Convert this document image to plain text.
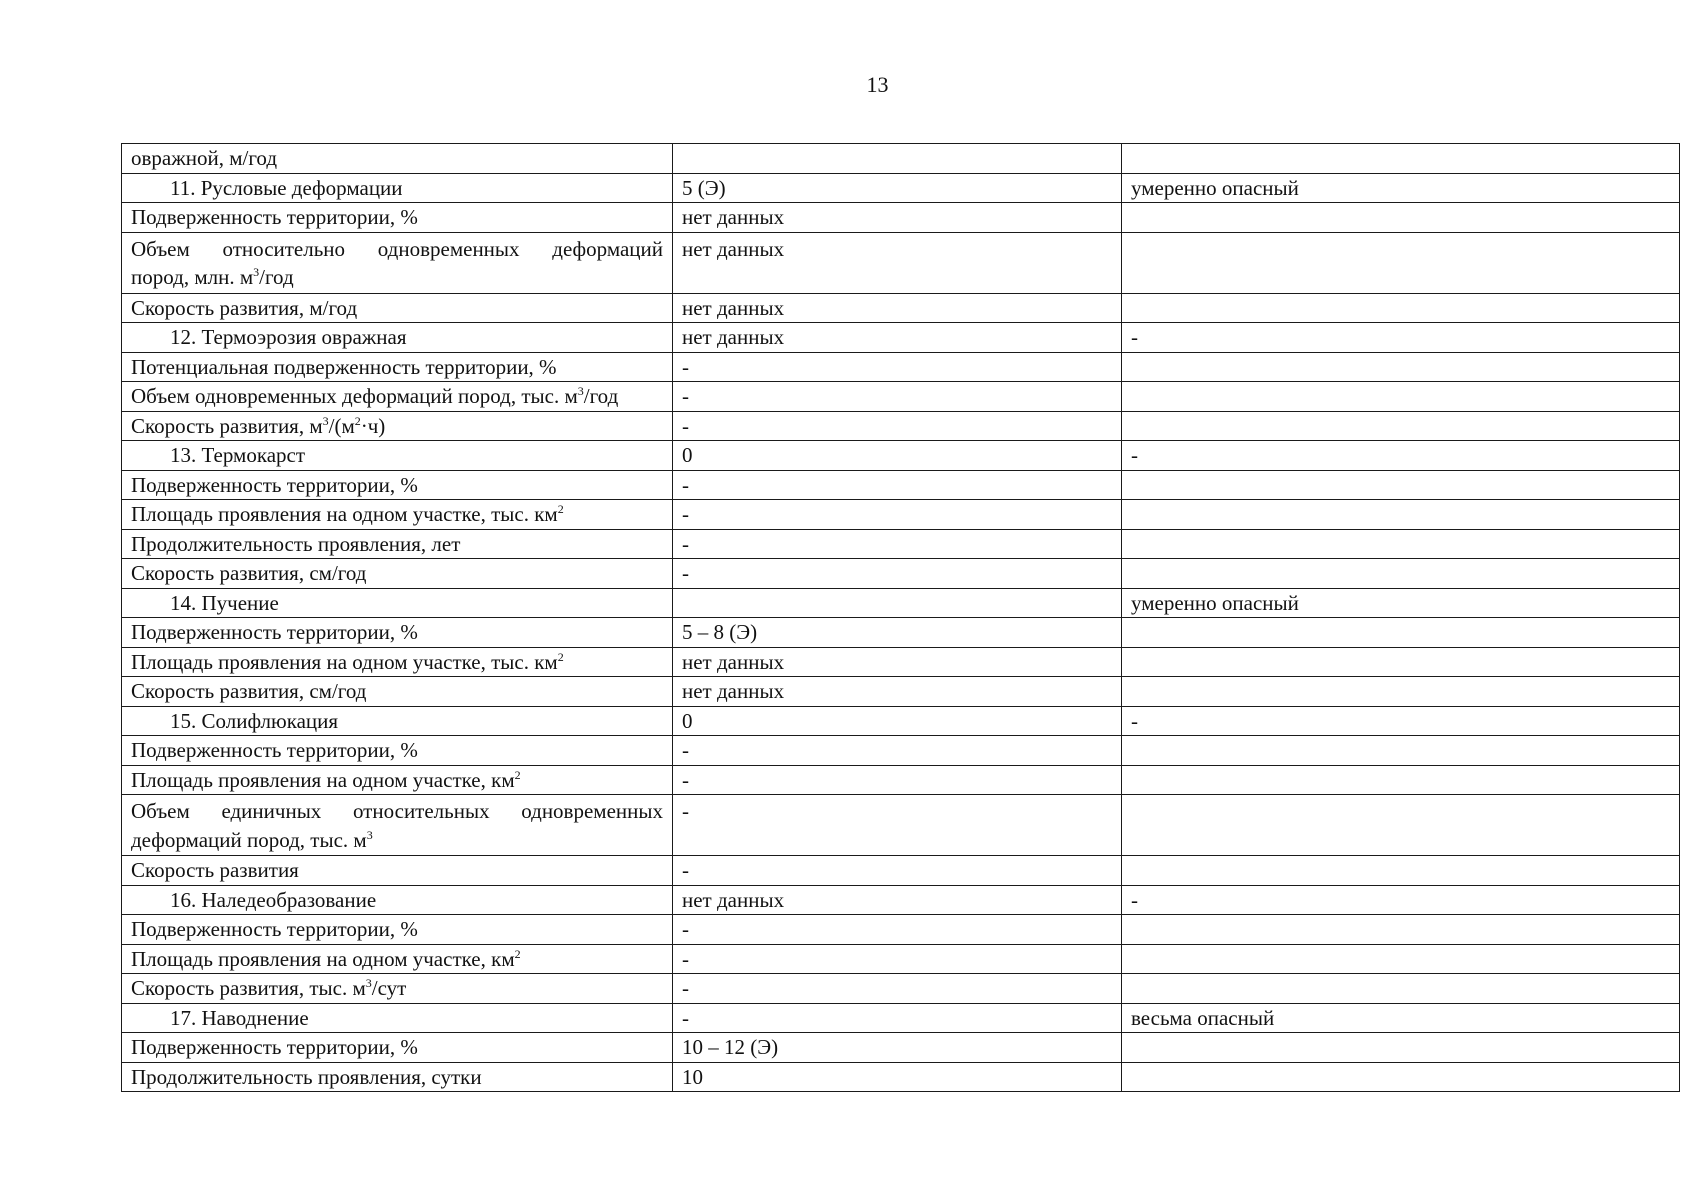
13
овражной, м/год		
11. Русловые деформации	5 (Э)	умеренно опасный
Подверженность территории, %	нет данных	

Объем относительно одновременных деформаций
пород, млн. $м^3$/год	нет данных	
Скорость развития, м/год	нет данных	
12. Термоэрозия овражная	нет данных	-
Потенциальная подверженность территории, %	-	
Объем одновременных деформаций пород, тыс. $м^3$/год	-	
Скорость развития, $м^3/(м^2\cdot ч)$	-	
13. Термокарст	0	-
Подверженность территории, %	-	
Площадь проявления на одном участке, тыс. $км^2$	-	
Продолжительность проявления, лет	-	
Скорость развития, см/год	-	
14. Пучение		умеренно опасный
Подверженность территории, %	5 – 8 (Э)	
Площадь проявления на одном участке, тыс. $км^2$	нет данных	
Скорость развития, см/год	нет данных	
15. Солифлюкация	0	-
Подверженность территории, %	-	
Площадь проявления на одном участке, $км^2$	-	

Объем единичных относительных одновременных
деформаций пород, тыс. $м^3$	-	
Скорость развития	-	
16. Наледеобразование	нет данных	-
Подверженность территории, %	-	
Площадь проявления на одном участке, $км^2$	-	
Скорость развития, тыс. $м^3$/сут	-	
17. Наводнение	-	весьма опасный
Подверженность территории, %	10 – 12 (Э)	
Продолжительность проявления, сутки	10	
